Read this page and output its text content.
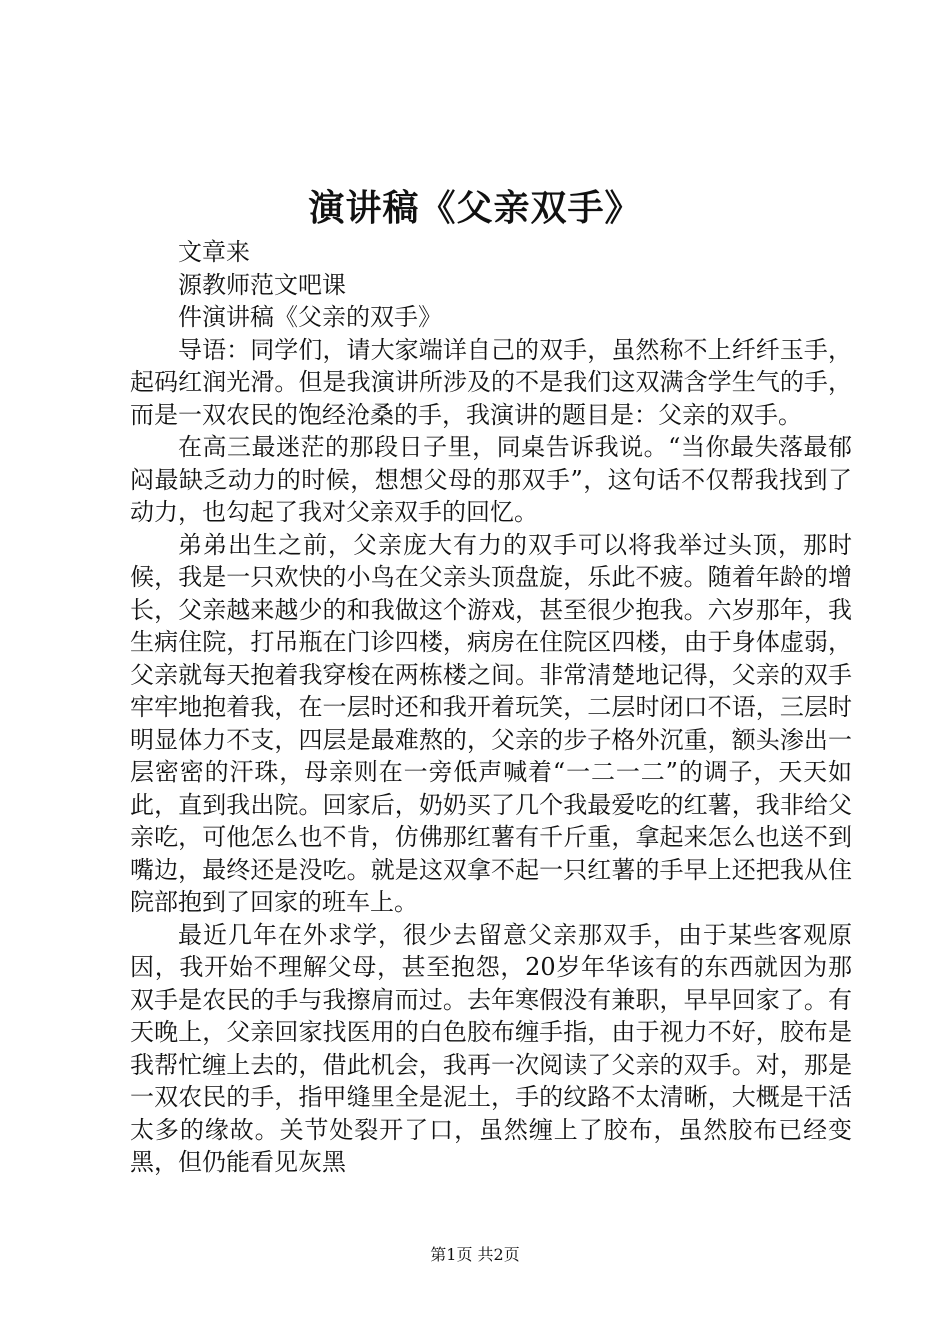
演讲稿《父亲双手》

文章来

源教师范文吧课

件演讲稿《父亲的双手》

导语：同学们，请大家端详自己的双手，虽然称不上纤纤玉手，起码红润光滑。但是我演讲所涉及的不是我们这双满含学生气的手，而是一双农民的饱经沧桑的手，我演讲的题目是：父亲的双手。

在高三最迷茫的那段日子里，同桌告诉我说。“当你最失落最郁闷最缺乏动力的时候，想想父母的那双手”，这句话不仅帮我找到了动力，也勾起了我对父亲双手的回忆。

弟弟出生之前，父亲庞大有力的双手可以将我举过头顶，那时候，我是一只欢快的小鸟在父亲头顶盘旋，乐此不疲。随着年龄的增长，父亲越来越少的和我做这个游戏，甚至很少抱我。六岁那年，我生病住院，打吊瓶在门诊四楼，病房在住院区四楼，由于身体虚弱，父亲就每天抱着我穿梭在两栋楼之间。非常清楚地记得，父亲的双手牢牢地抱着我，在一层时还和我开着玩笑，二层时闭口不语，三层时明显体力不支，四层是最难熬的，父亲的步子格外沉重，额头渗出一层密密的汗珠，母亲则在一旁低声喊着“一二一二”的调子，天天如此，直到我出院。回家后，奶奶买了几个我最爱吃的红薯，我非给父亲吃，可他怎么也不肯，仿佛那红薯有千斤重，拿起来怎么也送不到嘴边，最终还是没吃。就是这双拿不起一只红薯的手早上还把我从住院部抱到了回家的班车上。

最近几年在外求学，很少去留意父亲那双手，由于某些客观原因，我开始不理解父母，甚至抱怨，20岁年华该有的东西就因为那双手是农民的手与我擦肩而过。去年寒假没有兼职，早早回家了。有天晚上，父亲回家找医用的白色胶布缠手指，由于视力不好，胶布是我帮忙缠上去的，借此机会，我再一次阅读了父亲的双手。对，那是一双农民的手，指甲缝里全是泥土，手的纹路不太清晰，大概是干活太多的缘故。关节处裂开了口，虽然缠上了胶布，虽然胶布已经变黑，但仍能看见灰黑

第1页 共2页
